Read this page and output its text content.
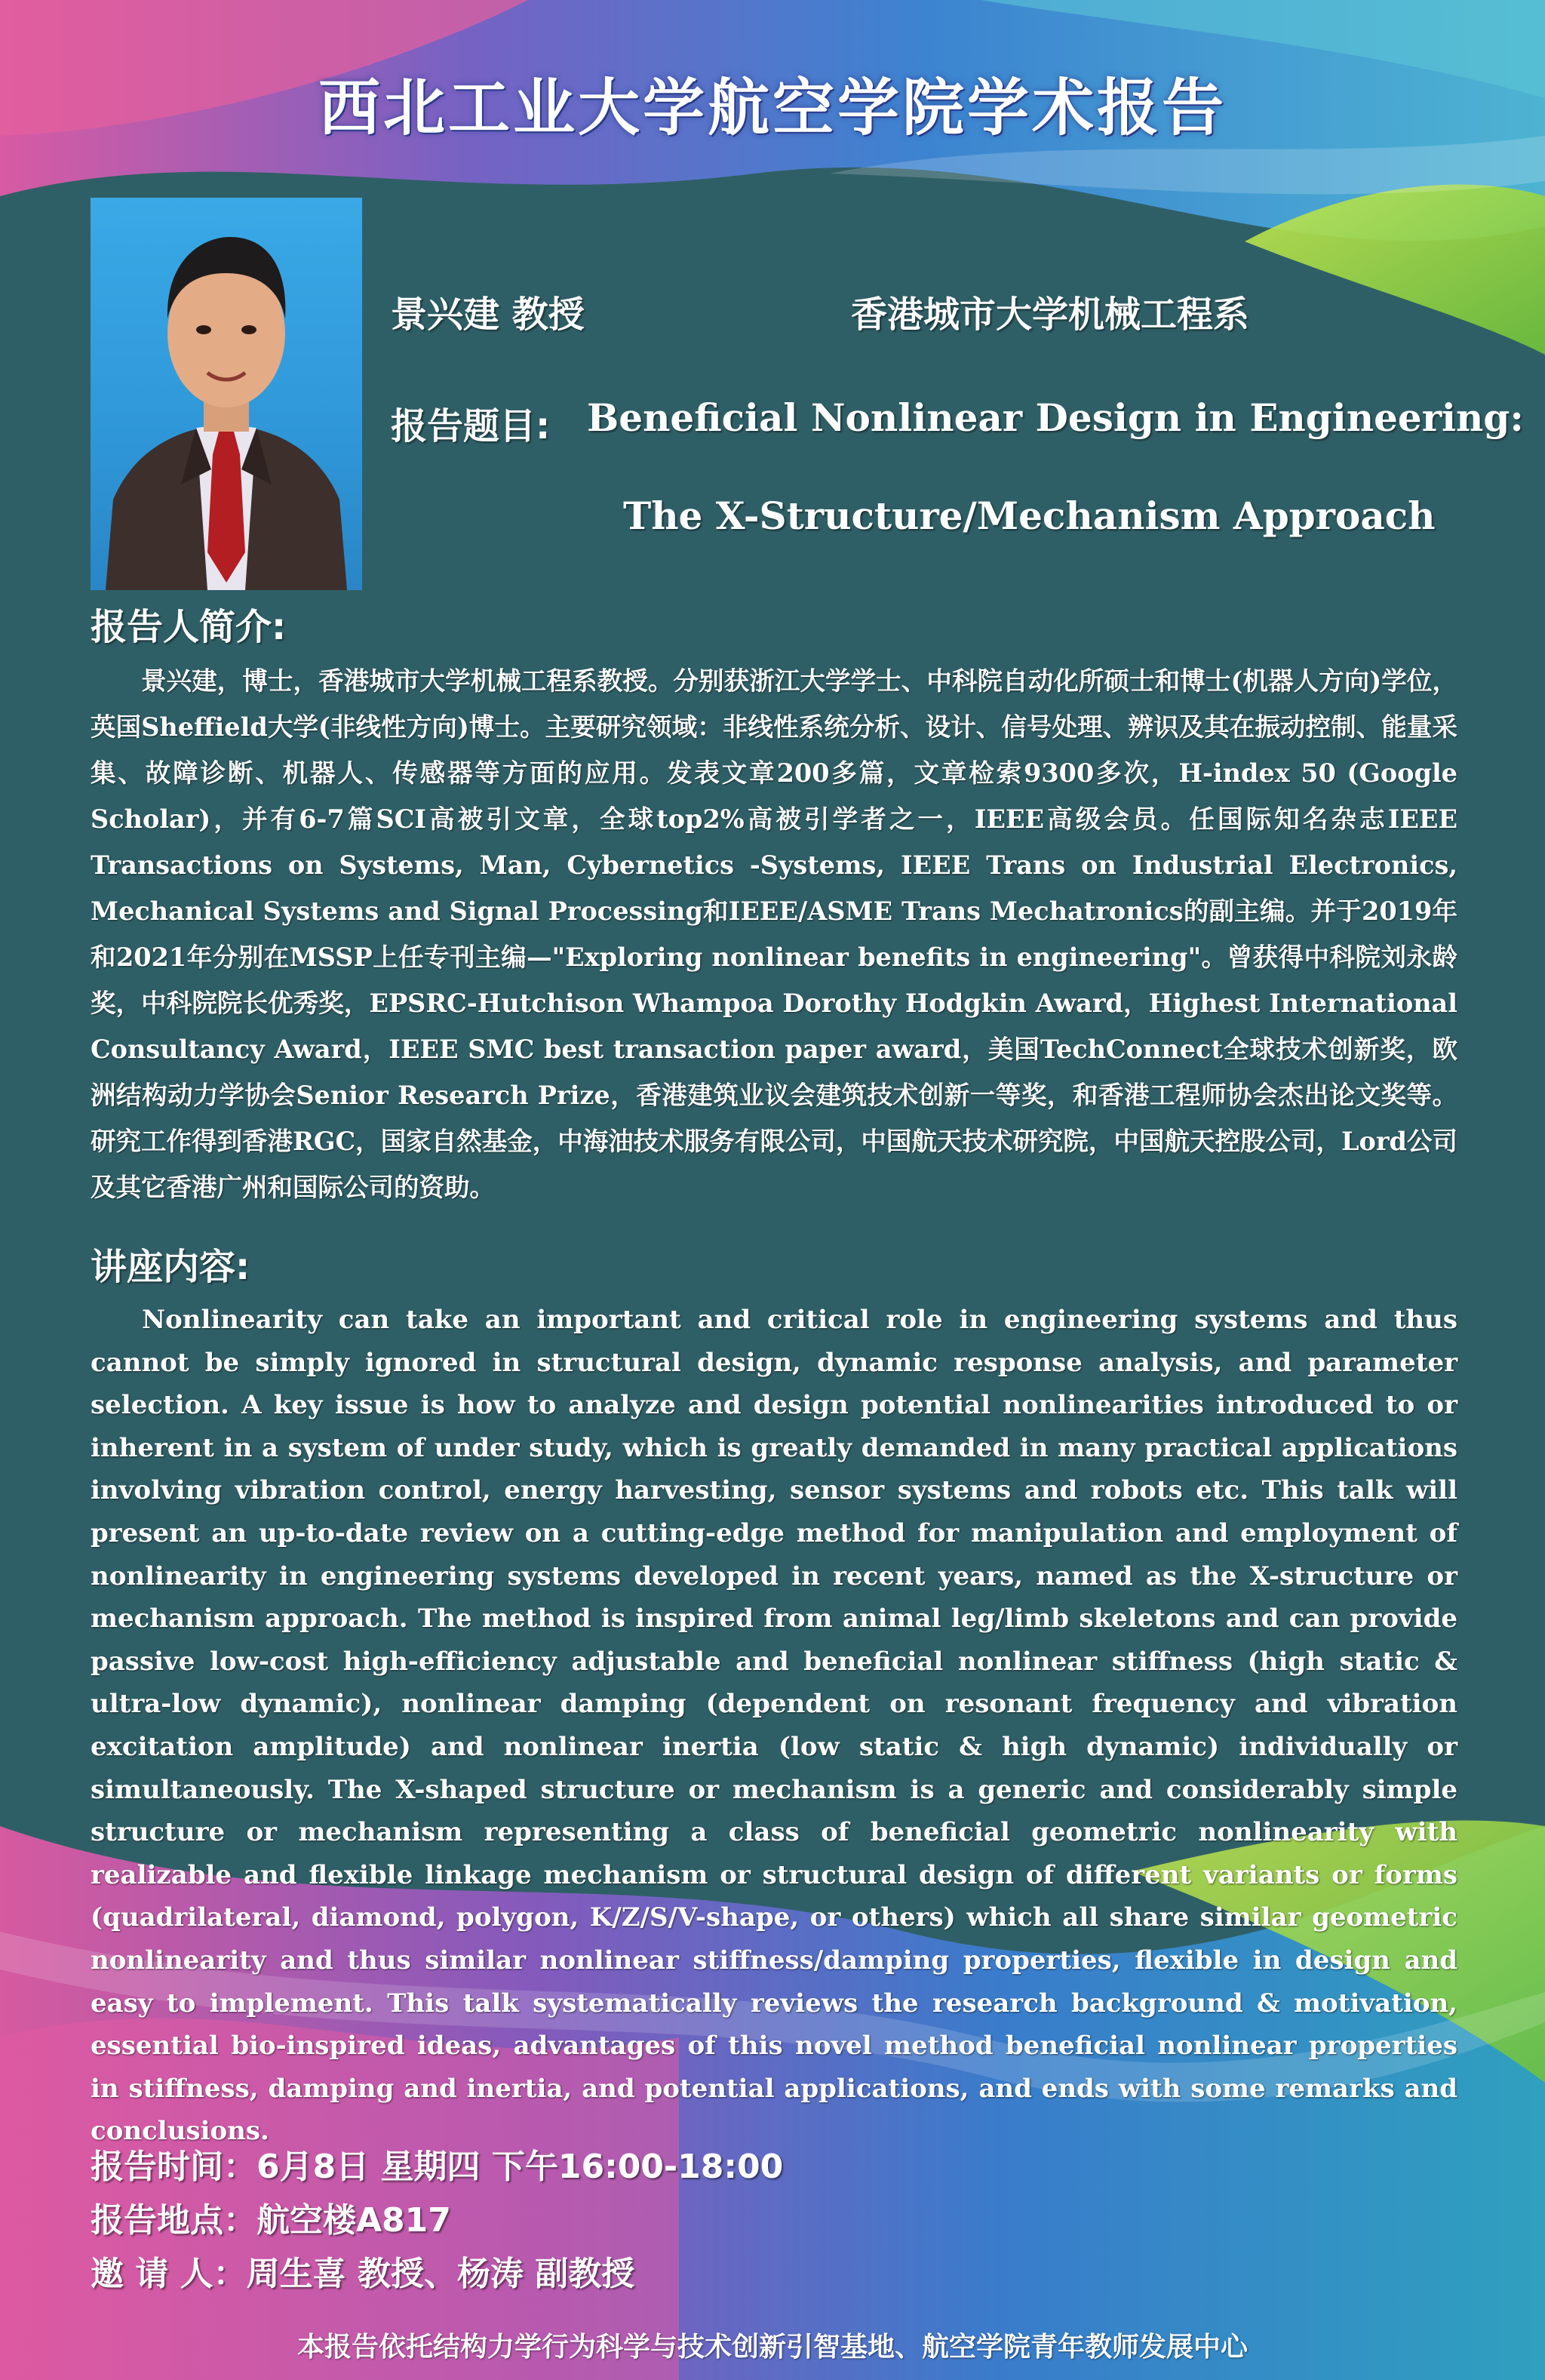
西北工业大学航空学院学术报告
景兴建 教授	香港城市大学机械工程系
报告题目: Beneficial Nonlinear Design in Engineering:
The X-Structure/Mechanism Approach
报告人简介:
景兴建，博士，香港城市大学机械工程系教授。分别获浙江大学学士、中科院自动化所硕士和博士(机器人方向)学位，英国Sheffield大学(非线性方向)博士。主要研究领域：非线性系统分析、设计、信号处理、辨识及其在振动控制、能量采集、故障诊断、机器人、传感器等方面的应用。发表文章200多篇，文章检索9300多次，H-index 50 (Google Scholar)，并有6-7篇SCI高被引文章，全球top2%高被引学者之一，IEEE高级会员。任国际知名杂志IEEE Transactions on Systems, Man, Cybernetics -Systems, IEEE Trans on Industrial Electronics, Mechanical Systems and Signal Processing和IEEE/ASME Trans Mechatronics的副主编。并于2019年和2021年分别在MSSP上任专刊主编—"Exploring nonlinear benefits in engineering"。曾获得中科院刘永龄奖，中科院院长优秀奖，EPSRC-Hutchison Whampoa Dorothy Hodgkin Award，Highest International Consultancy Award，IEEE SMC best transaction paper award，美国TechConnect全球技术创新奖，欧洲结构动力学协会Senior Research Prize，香港建筑业议会建筑技术创新一等奖，和香港工程师协会杰出论文奖等。研究工作得到香港RGC，国家自然基金，中海油技术服务有限公司，中国航天技术研究院，中国航天控股公司，Lord公司及其它香港广州和国际公司的资助。
讲座内容:
Nonlinearity can take an important and critical role in engineering systems and thus cannot be simply ignored in structural design, dynamic response analysis, and parameter selection. A key issue is how to analyze and design potential nonlinearities introduced to or inherent in a system of under study, which is greatly demanded in many practical applications involving vibration control, energy harvesting, sensor systems and robots etc. This talk will present an up-to-date review on a cutting-edge method for manipulation and employment of nonlinearity in engineering systems developed in recent years, named as the X-structure or mechanism approach. The method is inspired from animal leg/limb skeletons and can provide passive low-cost high-efficiency adjustable and beneficial nonlinear stiffness (high static & ultra-low dynamic), nonlinear damping (dependent on resonant frequency and vibration excitation amplitude) and nonlinear inertia (low static & high dynamic) individually or simultaneously. The X-shaped structure or mechanism is a generic and considerably simple structure or mechanism representing a class of beneficial geometric nonlinearity with realizable and flexible linkage mechanism or structural design of different variants or forms (quadrilateral, diamond, polygon, K/Z/S/V-shape, or others) which all share similar geometric nonlinearity and thus similar nonlinear stiffness/damping properties, flexible in design and easy to implement. This talk systematically reviews the research background & motivation, essential bio-inspired ideas, advantages of this novel method beneficial nonlinear properties in stiffness, damping and inertia, and potential applications, and ends with some remarks and conclusions.
报告时间：6月8日 星期四 下午16:00-18:00
报告地点：航空楼A817
邀 请 人：周生喜 教授、杨涛 副教授
本报告依托结构力学行为科学与技术创新引智基地、航空学院青年教师发展中心
